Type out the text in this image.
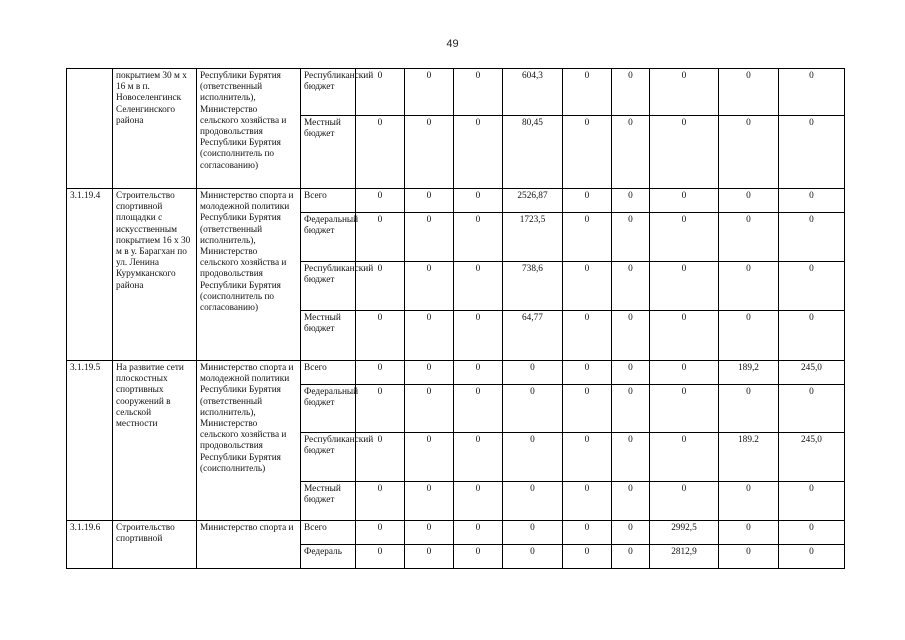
49
	покрытием 30 м х 16 м в п. Новоселенгинск Селенгинского района	Республики Бурятия (ответственный исполнитель), Министерство сельского хозяйства и продовольствия Республики Бурятия (соисполнитель по согласованию)	Республиканский бюджет	0	0	0	604,3	0	0	0	0	0
			Местный бюджет	0	0	0	80,45	0	0	0	0	0
3.1.19.4	Строительство спортивной площадки с искусственным покрытием 16 х 30 м в у. Барагхан по ул. Ленина Курумканского района	Министерство спорта и молодежной политики Республики Бурятия (ответственный исполнитель), Министерство сельского хозяйства и продовольствия Республики Бурятия (соисполнитель по согласованию)	Всего	0	0	0	2526,87	0	0	0	0	0
			Федеральный бюджет	0	0	0	1723,5	0	0	0	0	0
			Республиканский бюджет	0	0	0	738,6	0	0	0	0	0
			Местный бюджет	0	0	0	64,77	0	0	0	0	0
3.1.19.5	На развитие сети плоскостных спортивных сооружений в сельской местности	Министерство спорта и молодежной политики Республики Бурятия (ответственный исполнитель), Министерство сельского хозяйства и продовольствия Республики Бурятия (соисполнитель)	Всего	0	0	0	0	0	0	0	189,2	245,0
			Федеральный бюджет	0	0	0	0	0	0	0	0	0
			Республиканский бюджет	0	0	0	0	0	0	0	189.2	245,0
			Местный бюджет	0	0	0	0	0	0	0	0	0
3.1.19.6	Строительство спортивной	Министерство спорта и	Всего	0	0	0	0	0	0	2992,5	0	0
			Федераль	0	0	0	0	0	0	2812,9	0	0
